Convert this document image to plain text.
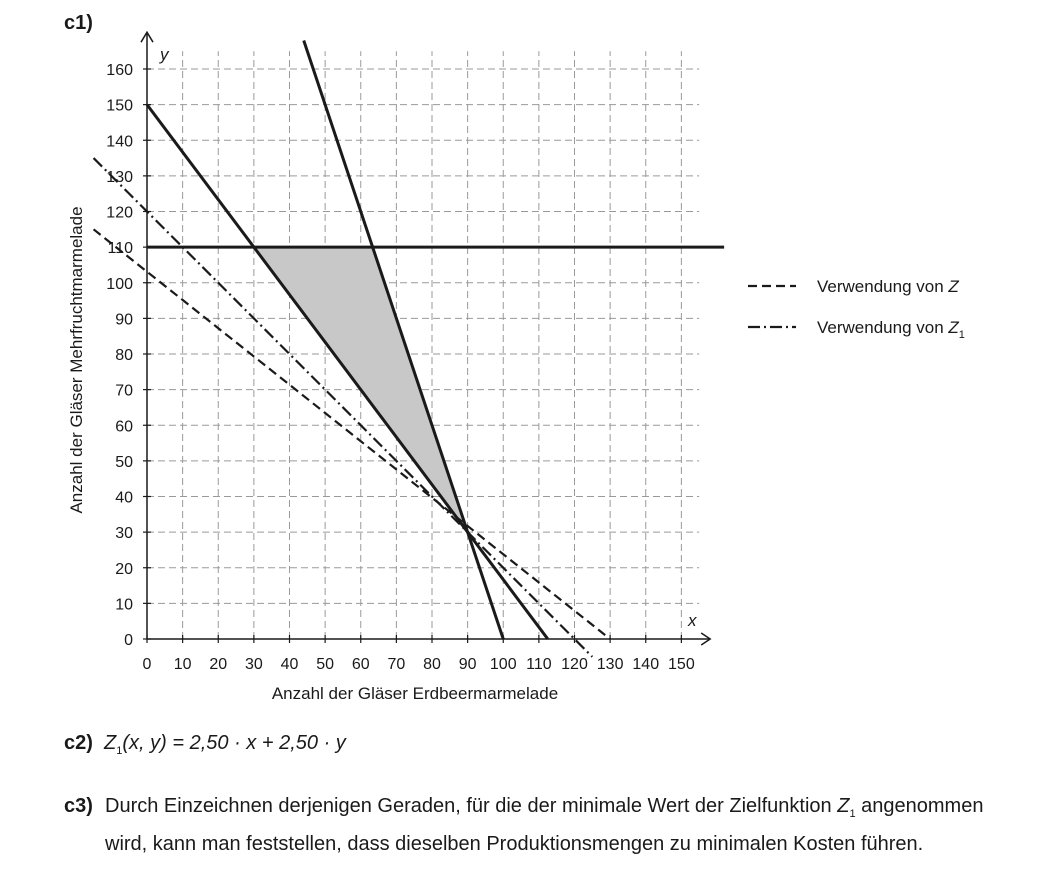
c1)
0 10 20 30 40 50 60 70 80 90 100 110 120 130 140 150
0
10
20
30
40
50
60
70
80
90
100
110
120
130
140
150
160
Anzahl der Gläser Erdbeermarmelade
Anzahl der Gläser Mehrfruchtmarmelade
x
y
Verwendung von Z
Verwendung von $Z_1$
c2) $Z_1(x$, y) = 2,50 · x + 2,50 · y
c3) Durch Einzeichnen derjenigen Geraden, für die der minimale Wert der Zielfunktion $Z_1$ angenommen wird, kann man feststellen, dass dieselben Produktionsmengen zu minimalen Kosten führen.
